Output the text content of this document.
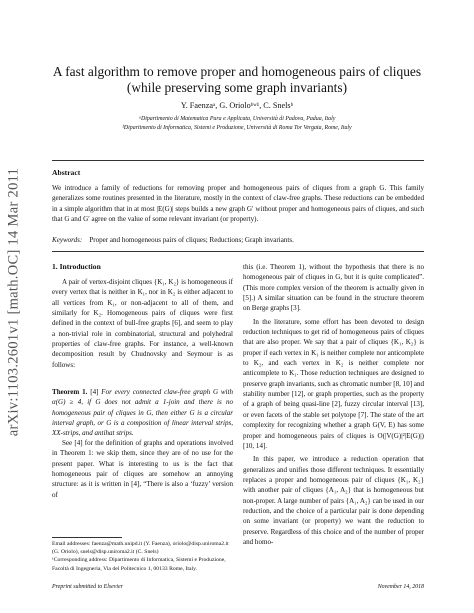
arXiv:1103.2601v1 [math.OC] 14 Mar 2011
A fast algorithm to remove proper and homogeneous pairs of cliques
(while preserving some graph invariants)
Y. Faenzaᵃ, G. Orioloᵇʷ¹, C. Snelsᵇ
ᵃDipartimento di Matematica Pura e Applicata, Università di Padova, Padua, Italy
ᵇDipartimento di Informatica, Sistemi e Produzione, Università di Roma Tor Vergata, Rome, Italy
Abstract
We introduce a family of reductions for removing proper and homogeneous pairs of cliques from a graph G. This family generalizes some routines presented in the literature, mostly in the context of claw-free graphs. These reductions can be embedded in a simple algorithm that in at most |E(G)| steps builds a new graph G′ without proper and homogeneous pairs of cliques, and such that G and G′ agree on the value of some relevant invariant (or property).
Keywords: Proper and homogeneous pairs of cliques; Reductions; Graph invariants.
1. Introduction

A pair of vertex-disjoint cliques {K₁, K₂} is homogeneous if every vertex that is neither in K₁, nor in K₂ is either adjacent to all vertices from K₁, or non-adjacent to all of them, and similarly for K₂. Homogeneous pairs of cliques were first defined in the context of bull-free graphs [6], and seem to play a non-trivial role in combinatorial, structural and polyhedral properties of claw-free graphs. For instance, a well-known decomposition result by Chudnovsky and Seymour is as follows:

Theorem 1. [4] For every connected claw-free graph G with α(G) ≥ 4, if G does not admit a 1-join and there is no homogeneous pair of cliques in G, then either G is a circular interval graph, or G is a composition of linear interval strips, XX-strips, and antihat strips.

See [4] for the definition of graphs and operations involved in Theorem 1: we skip them, since they are of no use for the present paper. What is interesting to us is the fact that homogeneous pair of cliques are somehow an annoying structure: as it is written in [4], “There is also a ‘fuzzy’ version of

this (i.e. Theorem 1), without the hypothesis that there is no homogeneous pair of cliques in G, but it is quite complicated”. (This more complex version of the theorem is actually given in [5].) A similar situation can be found in the structure theorem on Berge graphs [3].

In the literature, some effort has been devoted to design reduction techniques to get rid of homogeneous pairs of cliques that are also proper. We say that a pair of cliques {K₁, K₂} is proper if each vertex in K₁ is neither complete nor anticomplete to K₂, and each vertex in K₂ is neither complete nor anticomplete to K₁. Those reduction techniques are designed to preserve graph invariants, such as chromatic number [8, 10] and stability number [12], or graph properties, such as the property of a graph of being quasi-line [2], fuzzy circular interval [13], or even facets of the stable set polytope [7]. The state of the art complexity for recognizing whether a graph G(V, E) has some proper and homogeneous pairs of cliques is O(|V(G)|²|E(G)|) [10, 14].

In this paper, we introduce a reduction operation that generalizes and unifies those different techniques. It essentially replaces a proper and homogeneous pair of cliques {K₁, K₂} with another pair of cliques {A₁, A₂} that is homogeneous but non-proper. A large number of pairs {A₁, A₂} can be used in our reduction, and the choice of a particular pair is done depending on some invariant (or property) we want the reduction to preserve. Regardless of this choice and of the number of proper and homo-

Email addresses: faenza@math.unipd.it (Y. Faenza), oriolo@disp.uniroma2.it (G. Oriolo), snels@disp.uniroma2.it (C. Snels)
¹Corresponding address: Dipartimento di Informatica, Sistemi e Produzione, Facoltà di Ingegneria, Via del Politecnico 1, 00133 Rome, Italy.
Preprint submitted to Elsevier	November 14, 2018
